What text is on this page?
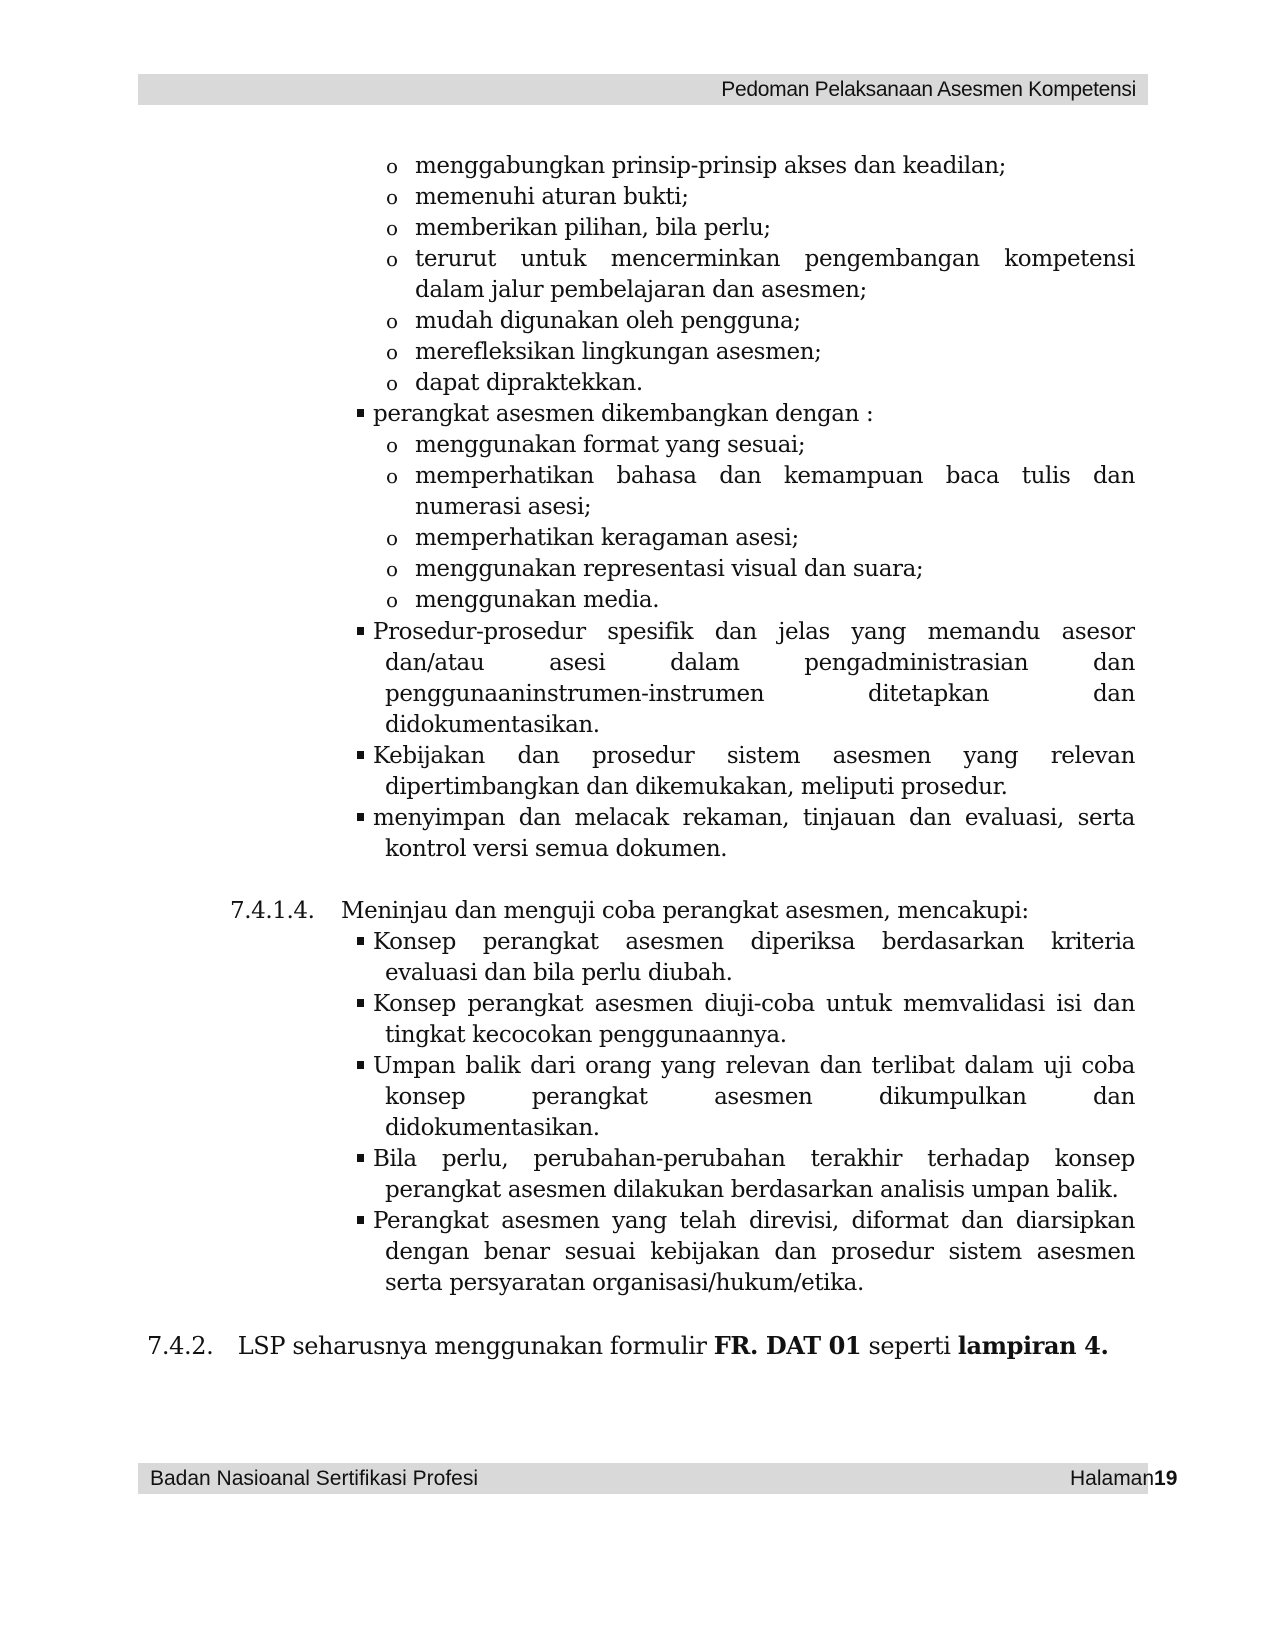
Pedoman Pelaksanaan Asesmen Kompetensi
o menggabungkan prinsip-prinsip akses dan keadilan;
o memenuhi aturan bukti;
o memberikan pilihan, bila perlu;
o terurut untuk mencerminkan pengembangan kompetensi
dalam jalur pembelajaran dan asesmen;
o mudah digunakan oleh pengguna;
o merefleksikan lingkungan asesmen;
o dapat dipraktekkan.
perangkat asesmen dikembangkan dengan :
o menggunakan format yang sesuai;
o memperhatikan bahasa dan kemampuan baca tulis dan
numerasi asesi;
o memperhatikan keragaman asesi;
o menggunakan representasi visual dan suara;
o menggunakan media.
Prosedur-prosedur spesifik dan jelas yang memandu asesor
dan/atau asesi dalam pengadministrasian dan
penggunaaninstrumen-instrumen ditetapkan dan
didokumentasikan.
Kebijakan dan prosedur sistem asesmen yang relevan
dipertimbangkan dan dikemukakan, meliputi prosedur.
menyimpan dan melacak rekaman, tinjauan dan evaluasi, serta
kontrol versi semua dokumen.
7.4.1.4. Meninjau dan menguji coba perangkat asesmen, mencakupi:
Konsep perangkat asesmen diperiksa berdasarkan kriteria
evaluasi dan bila perlu diubah.
Konsep perangkat asesmen diuji-coba untuk memvalidasi isi dan
tingkat kecocokan penggunaannya.
Umpan balik dari orang yang relevan dan terlibat dalam uji coba
konsep perangkat asesmen dikumpulkan dan
didokumentasikan.
Bila perlu, perubahan-perubahan terakhir terhadap konsep
perangkat asesmen dilakukan berdasarkan analisis umpan balik.
Perangkat asesmen yang telah direvisi, diformat dan diarsipkan
dengan benar sesuai kebijakan dan prosedur sistem asesmen
serta persyaratan organisasi/hukum/etika.
7.4.2. LSP seharusnya menggunakan formulir FR. DAT 01 seperti lampiran 4.
Badan Nasioanal Sertifikasi Profesi	Halaman19
